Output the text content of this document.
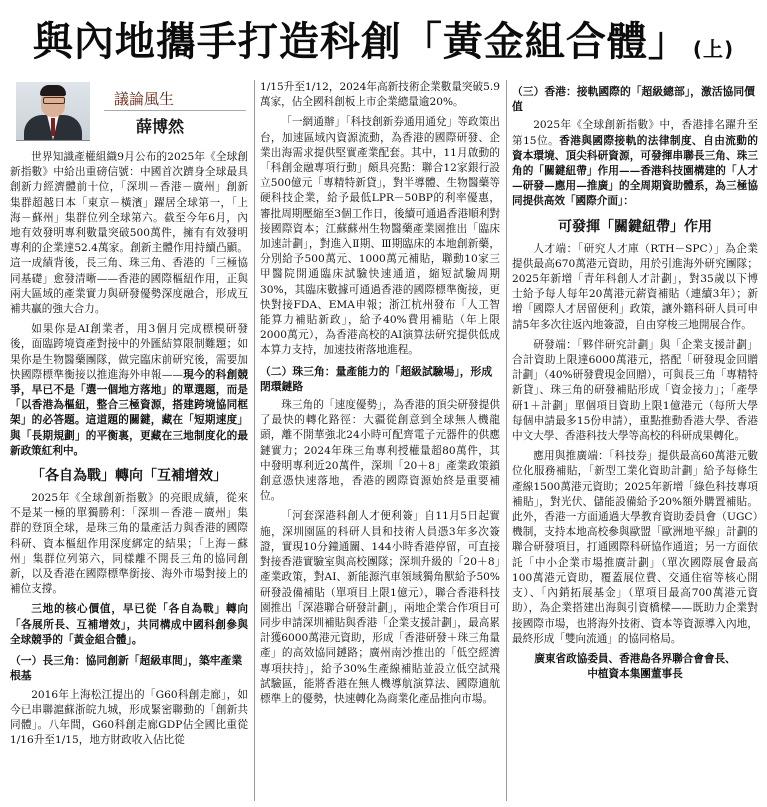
與內地攜手打造科創「黃金組合體」 (上)
議論風生
薛博然

世界知識產權組織9月公布的2025年《全球創新指數》中給出重磅信號：中國首次躋身全球最具創新力經濟體前十位，「深圳－香港－廣州」創新集群超越日本「東京－橫濱」躍居全球第一，「上海－蘇州」集群位列全球第六。截至今年6月，內地有效發明專利數量突破500萬件，擁有有效發明專利的企業達52.4萬家。創新主體作用持續凸顯。這一成績背後，長三角、珠三角、香港的「三極協同基礎」愈發清晰——香港的國際樞紐作用，正與兩大區域的產業實力與研發優勢深度融合，形成互補共贏的強大合力。

如果你是AI創業者，用3個月完成標模研發後，面臨跨境資產對接中的外匯結算限制難題；如果你是生物醫藥團隊，做完臨床前研究後，需要加快國際標準衡接以推進海外申報——現今的科創競爭，早已不是「選一個地方落地」的單選題，而是「以香港為樞紐，整合三極資源，搭建跨境協同框架」的必答題。這道題的關鍵，藏在「短期速度」與「長期規劃」的平衡裏，更藏在三地制度化的最新政策紅利中。

「各自為戰」轉向「互補增效」

2025年《全球創新指數》的亮眼成績，從來不是某一極的單獨勝利：「深圳－香港－廣州」集群的登頂全球，是珠三角的量產活力與香港的國際科研、資本樞紐作用深度綁定的結果；「上海－蘇州」集群位列第六，同樣離不開長三角的協同創新，以及香港在國際標準銜接、海外市場對接上的補位支撐。

三地的核心價值，早已從「各自為戰」轉向「各展所長、互補增效」，共同構成中國科創參與全球競爭的「黃金組合體」。

（一）長三角：協同創新「超級車間」，築牢產業根基

2016年上海松江提出的「G60科創走廊」，如今已串聯滬蘇浙皖九城，形成緊密聯動的「創新共同體」。八年間，G60科創走廊GDP佔全國比重從1/16升至1/15，地方財政收入佔比從

1/15升至1/12，2024年高新技術企業數量突破5.9萬家，佔全國科創板上市企業總量逾20%。

「一網通辦」「科技創新券通用通兌」等政策出台，加速區域內資源流動，為香港的國際研發、企業出海需求提供堅實產業配套。其中，11月啟動的「科創金融專項行動」頗具亮點：聯合12家銀行設立500億元「專精特新貸」，對半導體、生物醫藥等硬科技企業，給予最低LPR－50BP的利率優惠，審批周期壓縮至3個工作日，後續可通過香港順利對接國際資本；江蘇蘇州生物醫藥產業園推出「臨床加速計劃」，對進入Ⅱ期、Ⅲ期臨床的本地創新藥，分別給予500萬元、1000萬元補貼，聯動10家三甲醫院開通臨床試驗快速通道，縮短試驗周期30%，其臨床數據可通過香港的國際標準衡接，更快對接FDA、EMA申報；浙江杭州發布「人工智能算力補貼新政」，給予40%費用補貼（年上限2000萬元），為香港高校的AI演算法研究提供低成本算力支持，加速技術落地進程。

（二）珠三角：量產能力的「超級試驗場」，形成閉環鏈路

珠三角的「速度優勢」，為香港的頂尖研發提供了最快的轉化路徑：大疆從創意到全球無人機龍頭，離不開華強北24小時可配齊電子元器件的供應鏈實力；2024年珠三角專利授權量超80萬件，其中發明專利近20萬件，深圳「20＋8」產業政策鎖創意憑快速落地，香港的國際資源始終是重要補位。

「河套深港科創人才便利簽」自11月5日起實施，深圳園區的科研人員和技術人員憑3年多次簽證，實現10分鐘通關、144小時香港停留，可直接對接香港實驗室與高校團隊；深圳升級的「20＋8」產業政策，對AI、新能源汽車領域獨角獸給予50%研發設備補貼（單項目上限1億元），聯合香港科技園推出「深港聯合研發計劃」，兩地企業合作項目可同步申請深圳補貼與香港「企業支援計劃」，最高累計獲6000萬港元資助，形成「香港研發＋珠三角量產」的高效協同鏈路；廣州南沙推出的「低空經濟專項扶持」，給予30%生產線補貼並設立低空試飛試驗區，能將香港在無人機導航演算法、國際適航標準上的優勢，快速轉化為商業化產品推向市場。

（三）香港：接軌國際的「超級總部」，激活協同價值

2025年《全球創新指數》中，香港排名躍升至第15位。香港與國際接軌的法律制度、自由流動的資本環境、頂尖科研資源，可發揮串聯長三角、珠三角的「關鍵紐帶」作用——香港科技園構建的「人才—研發—應用—推廣」的全周期資助體系，為三極協同提供高效「國際介面」：

可發揮「關鍵紐帶」作用

人才端：「研究人才庫（RTH－SPC）」為企業提供最高670萬港元資助，用於引進海外研究團隊；2025年新增「青年科創人才計劃」，對35歲以下博士給予每人每年20萬港元薪資補貼（連續3年）；新增「國際人才居留便利」政策，讓外籍科研人員可申請5年多次往返內地簽證，自由穿梭三地開展合作。

研發端：「夥伴研究計劃」與「企業支援計劃」合計資助上限達6000萬港元，搭配「研發現金回贈計劃」（40%研發費現金回贈），可與長三角「專精特新貸」、珠三角的研發補貼形成「資金接力」；「產學研1＋計劃」單個項目資助上限1億港元（每所大學每個申請最多15份申請），重點推動香港大學、香港中文大學、香港科技大學等高校的科研成果轉化。

應用與推廣端：「科技券」提供最高60萬港元數位化服務補貼，「新型工業化資助計劃」給予每條生產線1500萬港元資助；2025年新增「綠色科技專項補貼」，對光伏、儲能設備給予20%額外購置補貼。此外，香港一方面通過大學教育資助委員會（UGC）機制，支持本地高校參與歐盟「歐洲地平線」計劃的聯合研發項目，打通國際科研協作通道；另一方面依託「中小企業市場推廣計劃」（單次國際展會最高100萬港元資助，覆蓋展位費、交通住宿等核心開支）、「內銷拓展基金」（單項目最高700萬港元資助），為企業搭建出海與引資橋樑——既助力企業對接國際市場，也將海外技術、資本等資源導入內地，最終形成「雙向流通」的協同格局。

廣東省政協委員、香港島各界聯合會會長、
中植資本集團董事長
